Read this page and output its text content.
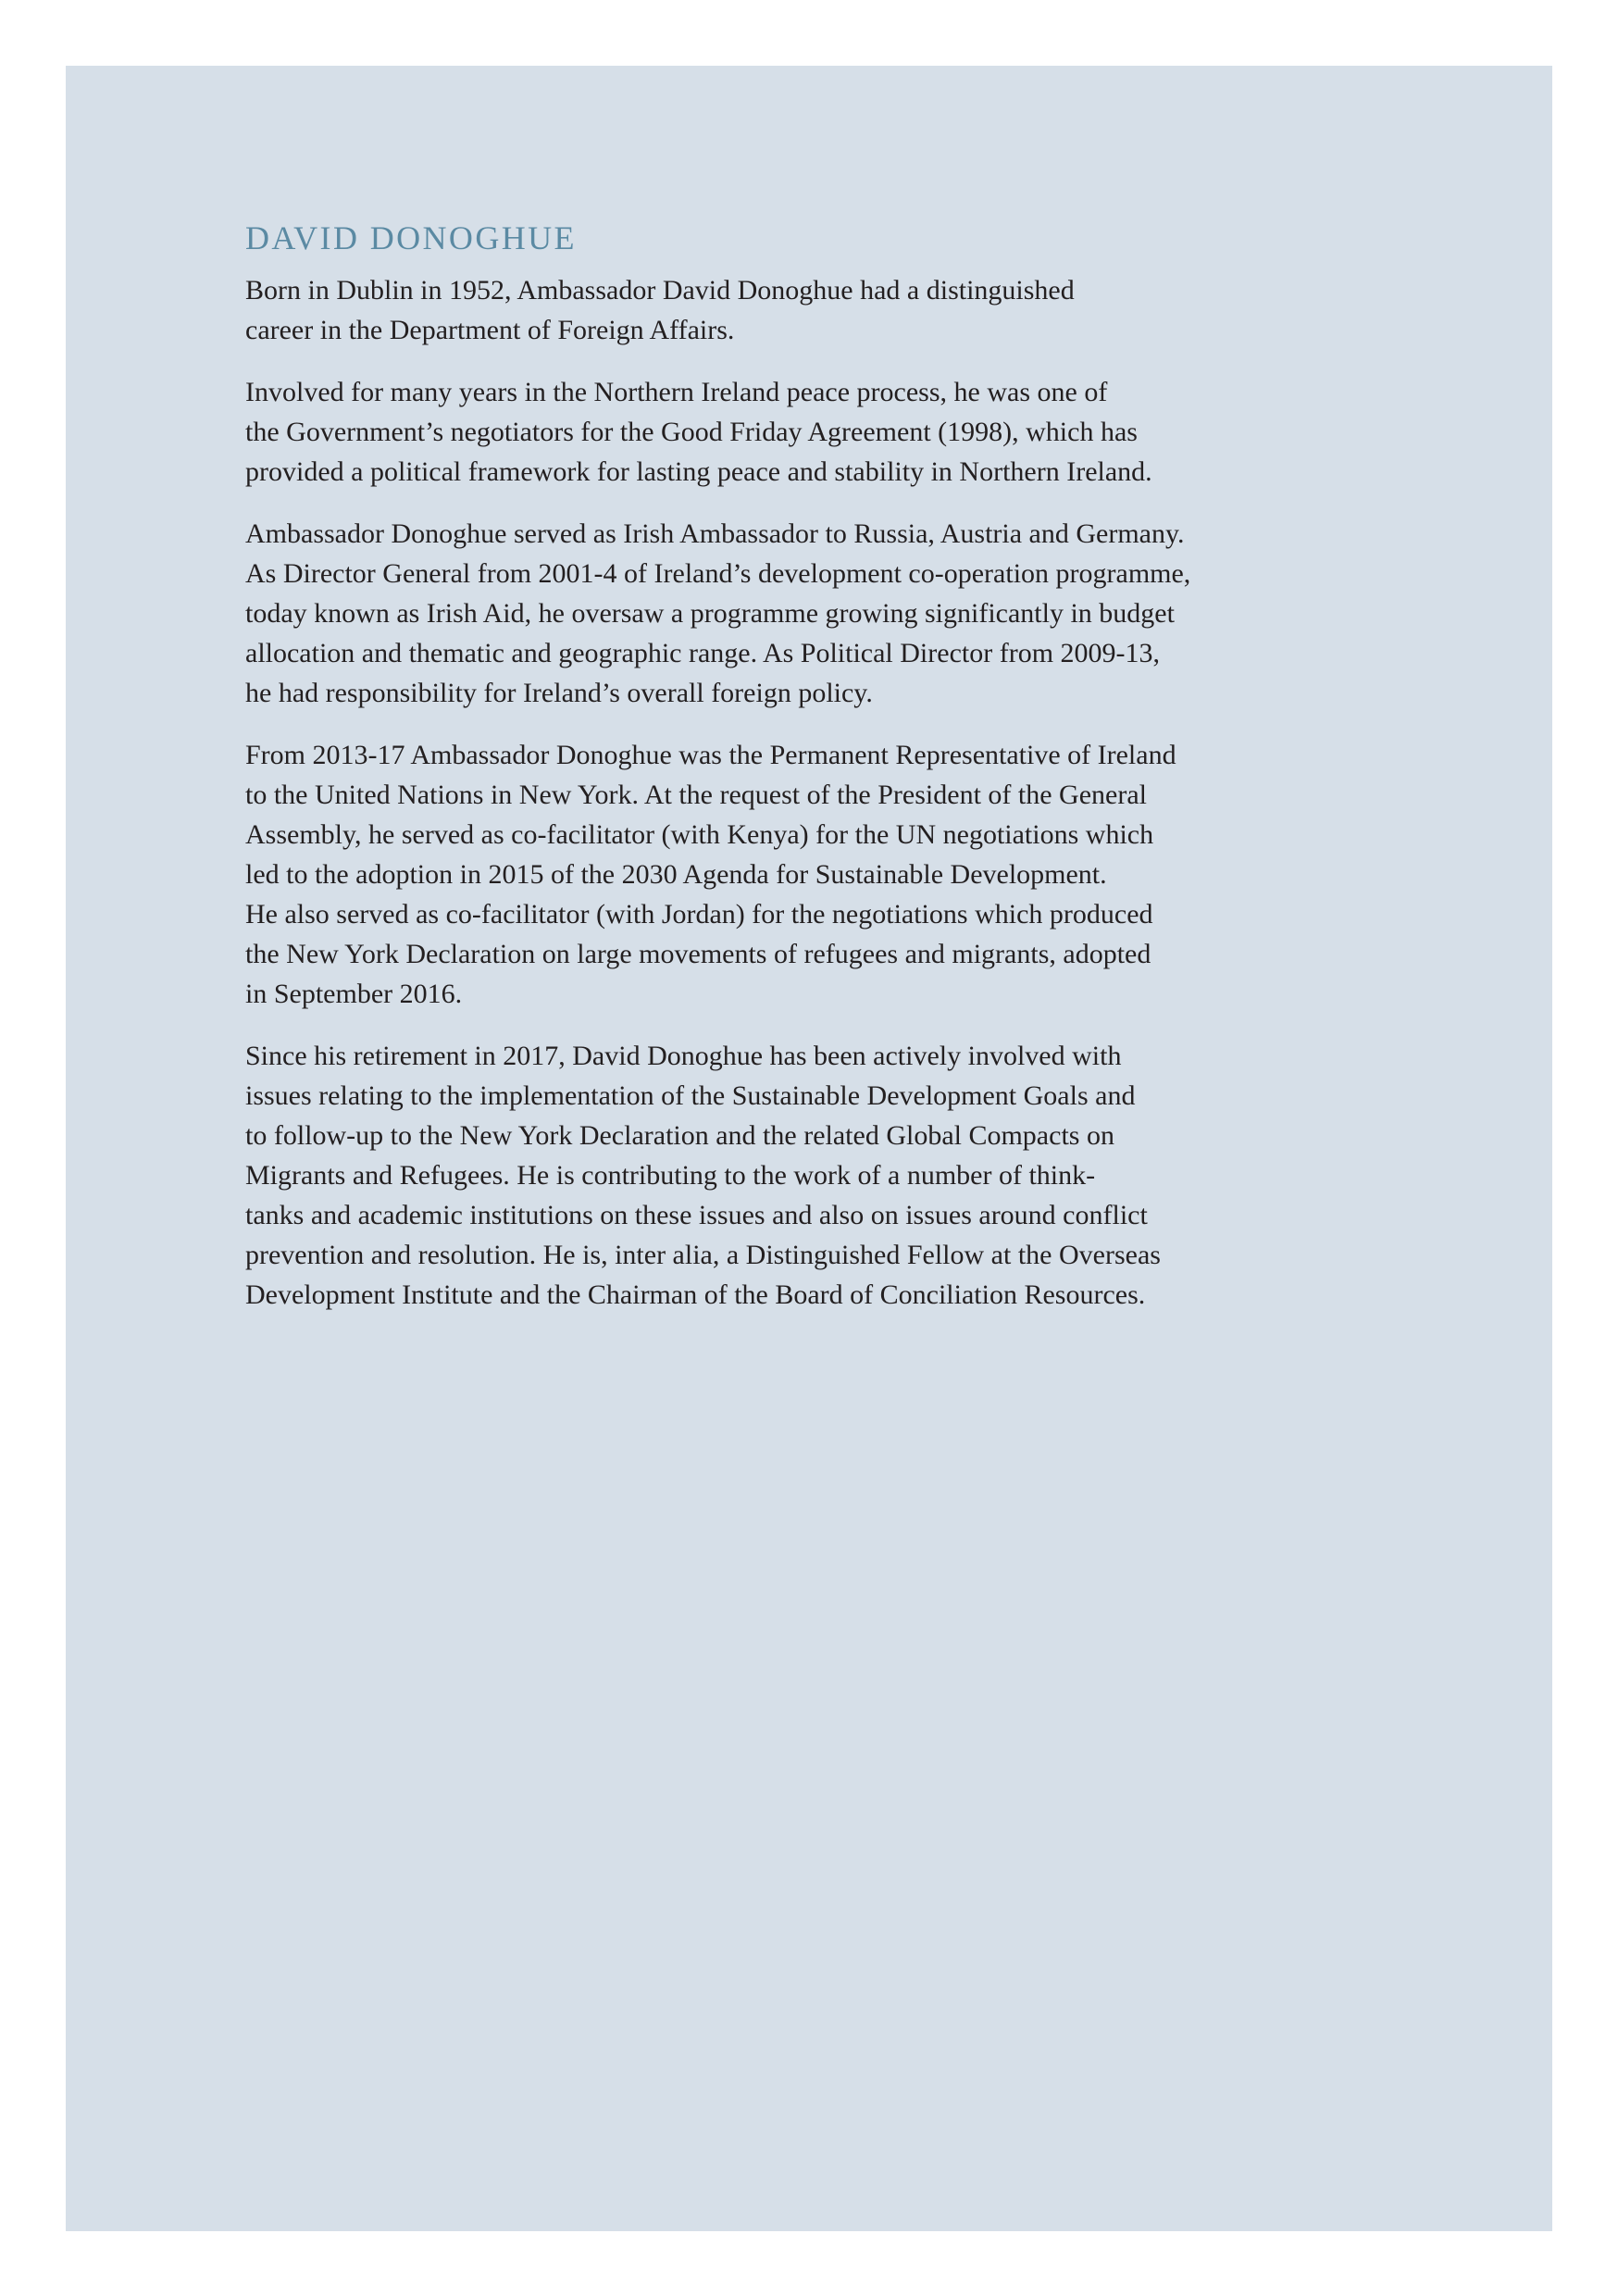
DAVID DONOGHUE

Born in Dublin in 1952, Ambassador David Donoghue had a distinguished
career in the Department of Foreign Affairs.

Involved for many years in the Northern Ireland peace process, he was one of
the Government’s negotiators for the Good Friday Agreement (1998), which has
provided a political framework for lasting peace and stability in Northern Ireland.

Ambassador Donoghue served as Irish Ambassador to Russia, Austria and Germany.
As Director General from 2001-4 of Ireland’s development co-operation programme,
today known as Irish Aid, he oversaw a programme growing significantly in budget
allocation and thematic and geographic range. As Political Director from 2009-13,
he had responsibility for Ireland’s overall foreign policy.

From 2013-17 Ambassador Donoghue was the Permanent Representative of Ireland
to the United Nations in New York. At the request of the President of the General
Assembly, he served as co-facilitator (with Kenya) for the UN negotiations which
led to the adoption in 2015 of the 2030 Agenda for Sustainable Development.
He also served as co-facilitator (with Jordan) for the negotiations which produced
the New York Declaration on large movements of refugees and migrants, adopted
in September 2016.

Since his retirement in 2017, David Donoghue has been actively involved with
issues relating to the implementation of the Sustainable Development Goals and
to follow-up to the New York Declaration and the related Global Compacts on
Migrants and Refugees. He is contributing to the work of a number of think-
tanks and academic institutions on these issues and also on issues around conflict
prevention and resolution. He is, inter alia, a Distinguished Fellow at the Overseas
Development Institute and the Chairman of the Board of Conciliation Resources.
